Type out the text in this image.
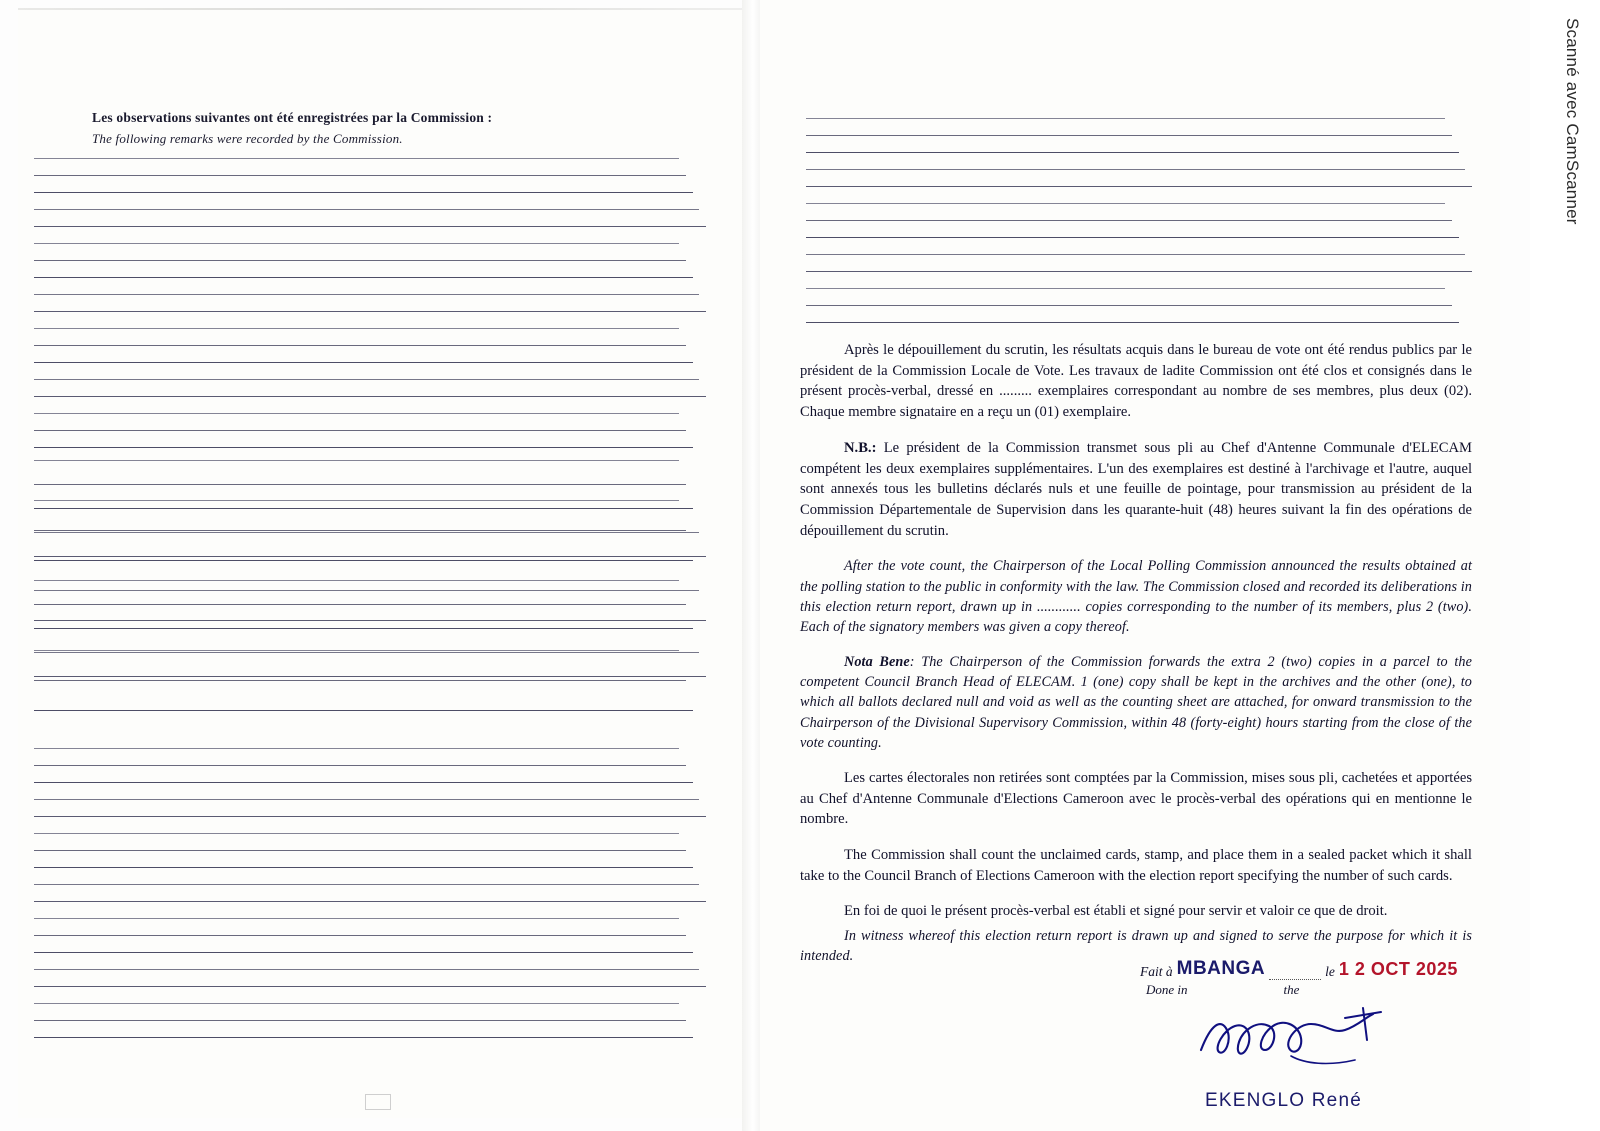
Les observations suivantes ont été enregistrées par la Commission :
The following remarks were recorded by the Commission.

Après le dépouillement du scrutin, les résultats acquis dans le bureau de vote ont été rendus publics par le président de la Commission Locale de Vote. Les travaux de ladite Commission ont été clos et consignés dans le présent procès-verbal, dressé en ......... exemplaires correspondant au nombre de ses membres, plus deux (02). Chaque membre signataire en a reçu un (01) exemplaire.

N.B.: Le président de la Commission transmet sous pli au Chef d'Antenne Communale d'ELECAM compétent les deux exemplaires supplémentaires. L'un des exemplaires est destiné à l'archivage et l'autre, auquel sont annexés tous les bulletins déclarés nuls et une feuille de pointage, pour transmission au président de la Commission Départementale de Supervision dans les quarante-huit (48) heures suivant la fin des opérations de dépouillement du scrutin.

After the vote count, the Chairperson of the Local Polling Commission announced the results obtained at the polling station to the public in conformity with the law. The Commission closed and recorded its deliberations in this election return report, drawn up in ............ copies corresponding to the number of its members, plus 2 (two). Each of the signatory members was given a copy thereof.

Nota Bene: The Chairperson of the Commission forwards the extra 2 (two) copies in a parcel to the competent Council Branch Head of ELECAM. 1 (one) copy shall be kept in the archives and the other (one), to which all ballots declared null and void as well as the counting sheet are attached, for onward transmission to the Chairperson of the Divisional Supervisory Commission, within 48 (forty-eight) hours starting from the close of the vote counting.

Les cartes électorales non retirées sont comptées par la Commission, mises sous pli, cachetées et apportées au Chef d'Antenne Communale d'Elections Cameroon avec le procès-verbal des opérations qui en mentionne le nombre.

The Commission shall count the unclaimed cards, stamp, and place them in a sealed packet which it shall take to the Council Branch of Elections Cameroon with the election report specifying the number of such cards.

En foi de quoi le présent procès-verbal est établi et signé pour servir et valoir ce que de droit.

In witness whereof this election return report is drawn up and signed to serve the purpose for which it is intended.

Fait à MBANGA	le 1 2 OCT 2025
Done in	the
EKENGLO René
Scanné avec CamScanner
